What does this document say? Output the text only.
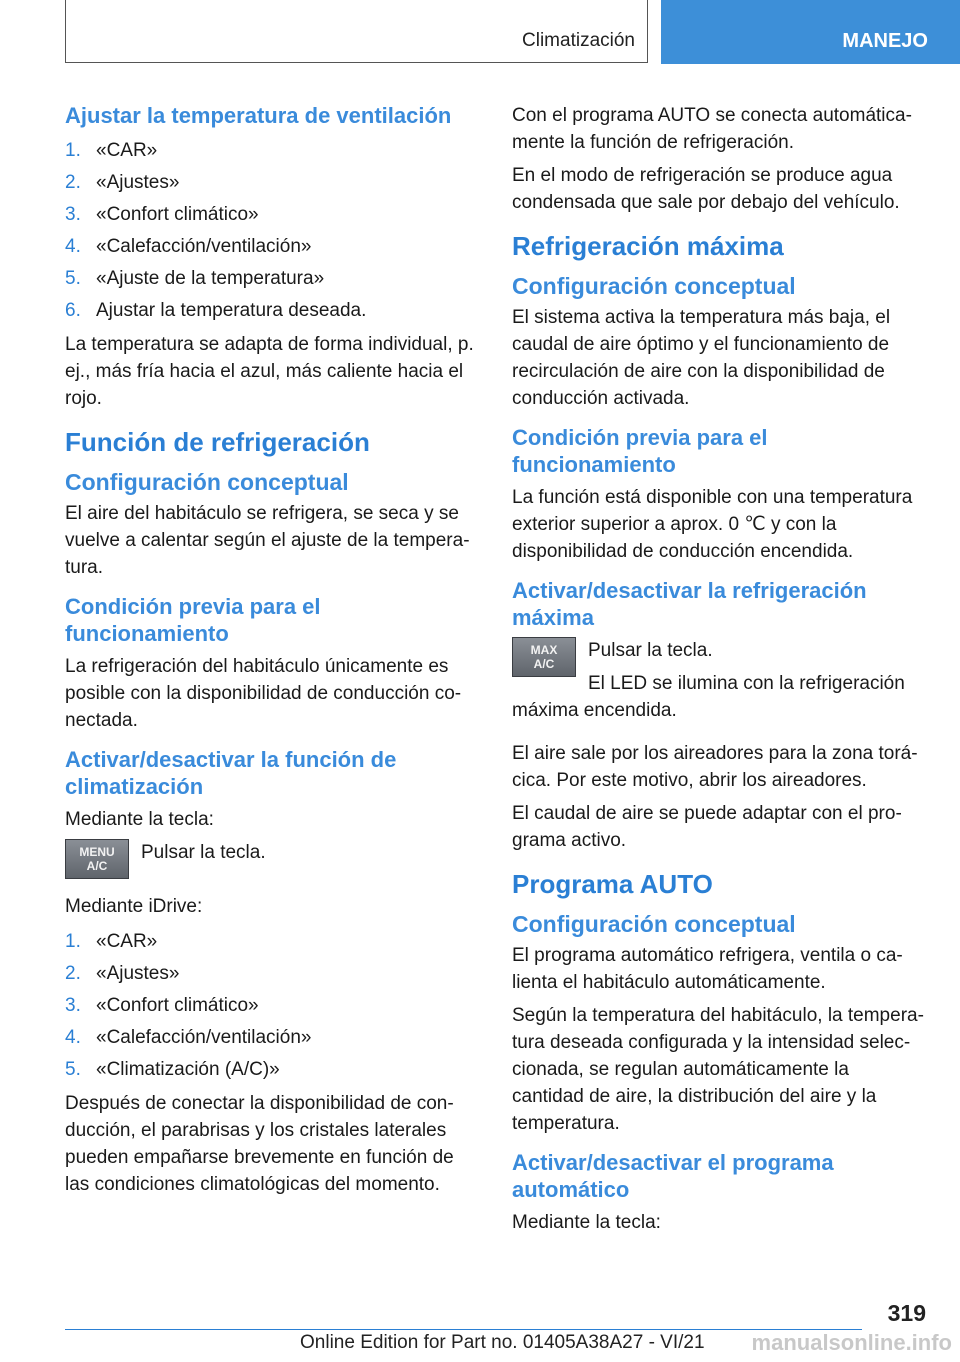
Climatización	MANEJO
Ajustar la temperatura de ventilación
1. «CAR»
2. «Ajustes»
3. «Confort climático»
4. «Calefacción/ventilación»
5. «Ajuste de la temperatura»
6. Ajustar la temperatura deseada.

La temperatura se adapta de forma individual, p. ej., más fría hacia el azul, más caliente hacia el rojo.

Función de refrigeración
Configuración conceptual

El aire del habitáculo se refrigera, se seca y se vuelve a calentar según el ajuste de la temperatura.

Condición previa para el funcionamiento

La refrigeración del habitáculo únicamente es posible con la disponibilidad de conducción conectada.

Activar/desactivar la función de climatización

Mediante la tecla:

MENU
A/C

Pulsar la tecla.

Mediante iDrive:

1. «CAR»
2. «Ajustes»
3. «Confort climático»
4. «Calefacción/ventilación»
5. «Climatización (A/C)»

Después de conectar la disponibilidad de conducción, el parabrisas y los cristales laterales pueden empañarse brevemente en función de las condiciones climatológicas del momento.

Con el programa AUTO se conecta automáticamente la función de refrigeración.

En el modo de refrigeración se produce agua condensada que sale por debajo del vehículo.

Refrigeración máxima
Configuración conceptual

El sistema activa la temperatura más baja, el caudal de aire óptimo y el funcionamiento de recirculación de aire con la disponibilidad de conducción activada.

Condición previa para el funcionamiento

La función está disponible con una temperatura exterior superior a aprox. 0 ℃ y con la disponibilidad de conducción encendida.

Activar/desactivar la refrigeración máxima
MAX
A/C

Pulsar la tecla.

El LED se ilumina con la refrigeración máxima encendida.

El aire sale por los aireadores para la zona torácica. Por este motivo, abrir los aireadores.

El caudal de aire se puede adaptar con el programa activo.

Programa AUTO
Configuración conceptual

El programa automático refrigera, ventila o calienta el habitáculo automáticamente.

Según la temperatura del habitáculo, la temperatura deseada configurada y la intensidad seleccionada, se regulan automáticamente la cantidad de aire, la distribución del aire y la temperatura.

Activar/desactivar el programa automático

Mediante la tecla:

319
Online Edition for Part no. 01405A38A27 - VI/21 manualsonline.info
